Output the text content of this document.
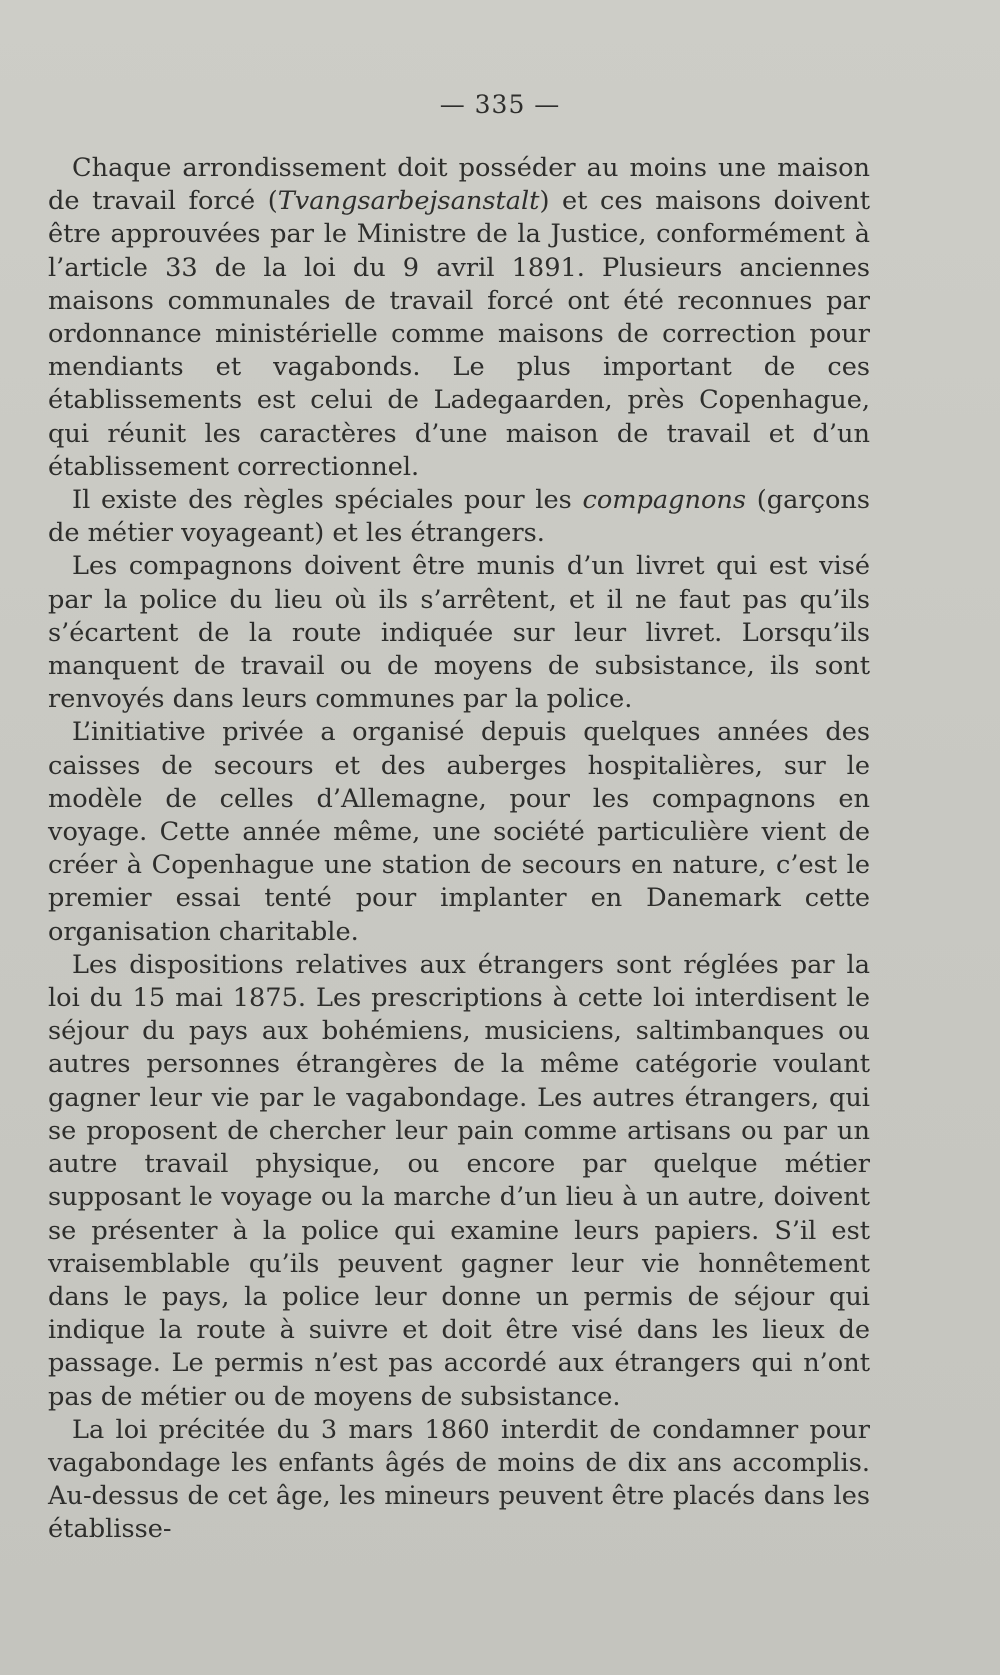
— 335 —

Chaque arrondissement doit posséder au moins une maison de travail forcé (Tvangsarbejsanstalt) et ces maisons doivent être approuvées par le Ministre de la Justice, conformément à l’article 33 de la loi du 9 avril 1891. Plusieurs anciennes maisons communales de travail forcé ont été reconnues par ordonnance ministérielle comme maisons de correction pour mendiants et vagabonds. Le plus important de ces établissements est celui de Ladegaarden, près Copenhague, qui réunit les caractères d’une maison de travail et d’un établissement correctionnel.

Il existe des règles spéciales pour les compagnons (garçons de métier voyageant) et les étrangers.

Les compagnons doivent être munis d’un livret qui est visé par la police du lieu où ils s’arrêtent, et il ne faut pas qu’ils s’écartent de la route indiquée sur leur livret. Lorsqu’ils manquent de travail ou de moyens de subsistance, ils sont renvoyés dans leurs communes par la police.

L’initiative privée a organisé depuis quelques années des caisses de secours et des auberges hospitalières, sur le modèle de celles d’Allemagne, pour les compagnons en voyage. Cette année même, une société particulière vient de créer à Copenhague une station de secours en nature, c’est le premier essai tenté pour implanter en Danemark cette organisation charitable.

Les dispositions relatives aux étrangers sont réglées par la loi du 15 mai 1875. Les prescriptions à cette loi interdisent le séjour du pays aux bohémiens, musiciens, saltimbanques ou autres personnes étrangères de la même catégorie voulant gagner leur vie par le vagabondage. Les autres étrangers, qui se proposent de chercher leur pain comme artisans ou par un autre travail physique, ou encore par quelque métier supposant le voyage ou la marche d’un lieu à un autre, doivent se présenter à la police qui examine leurs papiers. S’il est vraisemblable qu’ils peuvent gagner leur vie honnêtement dans le pays, la police leur donne un permis de séjour qui indique la route à suivre et doit être visé dans les lieux de passage. Le permis n’est pas accordé aux étrangers qui n’ont pas de métier ou de moyens de subsistance.

La loi précitée du 3 mars 1860 interdit de condamner pour vagabondage les enfants âgés de moins de dix ans accomplis. Au-dessus de cet âge, les mineurs peuvent être placés dans les établisse-
